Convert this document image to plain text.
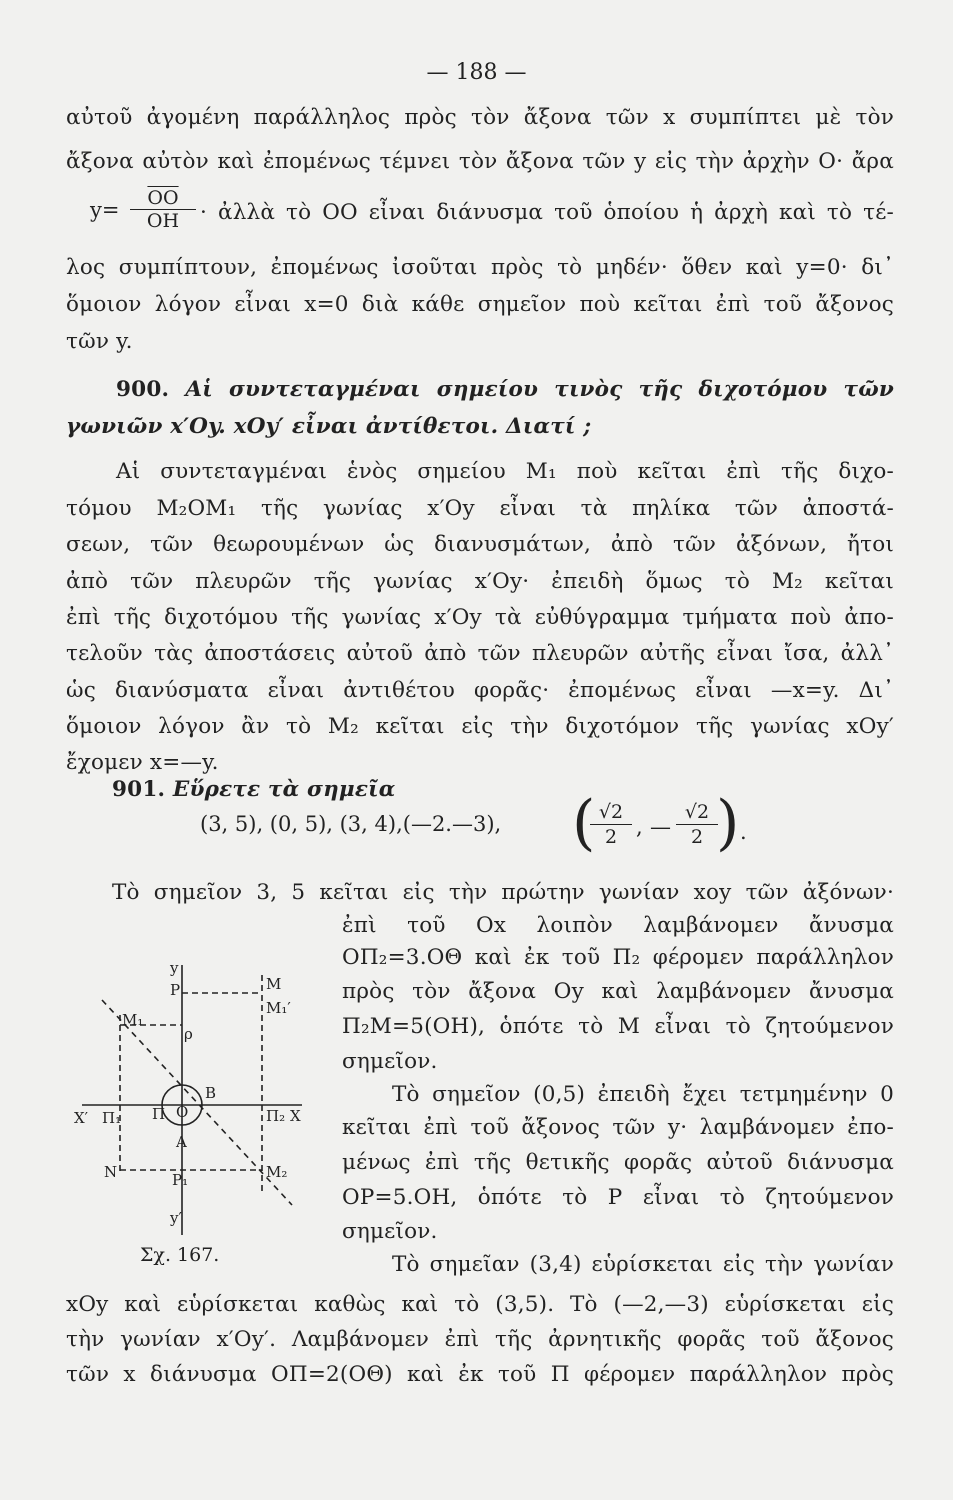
— 188 —
αὐτοῦ ἀγομένη παράλληλος πρὸς τὸν ἄξονα τῶν x συμπίπτει μὲ τὸν
ἄξονα αὐτὸν καὶ ἐπομένως τέμνει τὸν ἄξονα τῶν y εἰς τὴν ἀρχὴν O· ἄρα
$y= \frac{\overline{OO}}{OH}$ · ἀλλὰ τὸ OO εἶναι διάνυσμα τοῦ ὁποίου ἡ ἀρχὴ καὶ τὸ τέ-
λος συμπίπτουν, ἐπομένως ἰσοῦται πρὸς τὸ μηδέν· ὅθεν καὶ y=0· δι᾿
ὅμοιον λόγον εἶναι x=0 διὰ κάθε σημεῖον ποὺ κεῖται ἐπὶ τοῦ ἄξονος
τῶν y.
900. Αἱ συντεταγμέναι σημείου τινὸς τῆς διχοτόμου τῶν
γωνιῶν x′Oy. xOy′ εἶναι ἀντίθετοι. Διατί ;
Αἱ συντεταγμέναι ἑνὸς σημείου M₁ ποὺ κεῖται ἐπὶ τῆς διχο-
τόμου M₂OM₁ τῆς γωνίας x′Oy εἶναι τὰ πηλίκα τῶν ἀποστά-
σεων, τῶν θεωρουμένων ὡς διανυσμάτων, ἀπὸ τῶν ἀξόνων, ἤτοι
ἀπὸ τῶν πλευρῶν τῆς γωνίας x′Oy· ἐπειδὴ ὅμως τὸ M₂ κεῖται
ἐπὶ τῆς διχοτόμου τῆς γωνίας x′Oy τὰ εὐθύγραμμα τμήματα ποὺ ἀπο-
τελοῦν τὰς ἀποστάσεις αὐτοῦ ἀπὸ τῶν πλευρῶν αὐτῆς εἶναι ἴσα, ἀλλ᾿
ὡς διανύσματα εἶναι ἀντιθέτου φορᾶς· ἐπομένως εἶναι —x=y. Δι᾿
ὅμοιον λόγον ἂν τὸ M₂ κεῖται εἰς τὴν διχοτόμον τῆς γωνίας xOy′
ἔχομεν x=—y.
901. Εὕρετε τὰ σημεῖα
(3, 5), (0, 5), (3, 4),(—2.—3), (
$\frac{√2}{2}$ , — $\frac{√2}{2}$
) .
Τὸ σημεῖον 3, 5 κεῖται εἰς τὴν πρώτην γωνίαν xoy τῶν ἀξόνων·
ἐπὶ τοῦ Ox λοιπὸν λαμβάνομεν ἄνυσμα
OΠ₂=3.OΘ καὶ ἐκ τοῦ Π₂ φέρομεν παράλληλον
πρὸς τὸν ἄξονα Oy καὶ λαμβάνομεν ἄνυσμα
Π₂M=5(OH), ὁπότε τὸ M εἶναι τὸ ζητούμενον
σημεῖον.
Τὸ σημεῖον (0,5) ἐπειδὴ ἔχει τετμημένην 0
κεῖται ἐπὶ τοῦ ἄξονος τῶν y· λαμβάνομεν ἐπο-
μένως ἐπὶ τῆς θετικῆς φορᾶς αὐτοῦ διάνυσμα
OP=5.OH, ὁπότε τὸ P εἶναι τὸ ζητούμενον
σημεῖον.
Τὸ σημεῖαν (3,4) εὑρίσκεται εἰς τὴν γωνίαν
xOy καὶ εὑρίσκεται καθὼς καὶ τὸ (3,5). Τὸ (—2,—3) εὑρίσκεται εἰς
τὴν γωνίαν x′Oy′. Λαμβάνομεν ἐπὶ τῆς ἀρνητικῆς φορᾶς τοῦ ἄξονος
τῶν x διάνυσμα OΠ=2(OΘ) καὶ ἐκ τοῦ Π φέρομεν παράλληλον πρὸς
y
P	M
M₁′
M₁
ρ
X′ Π₁ Π O
B
Π₂ X
A
N	P₁	M₂
y′
Σχ. 167.
